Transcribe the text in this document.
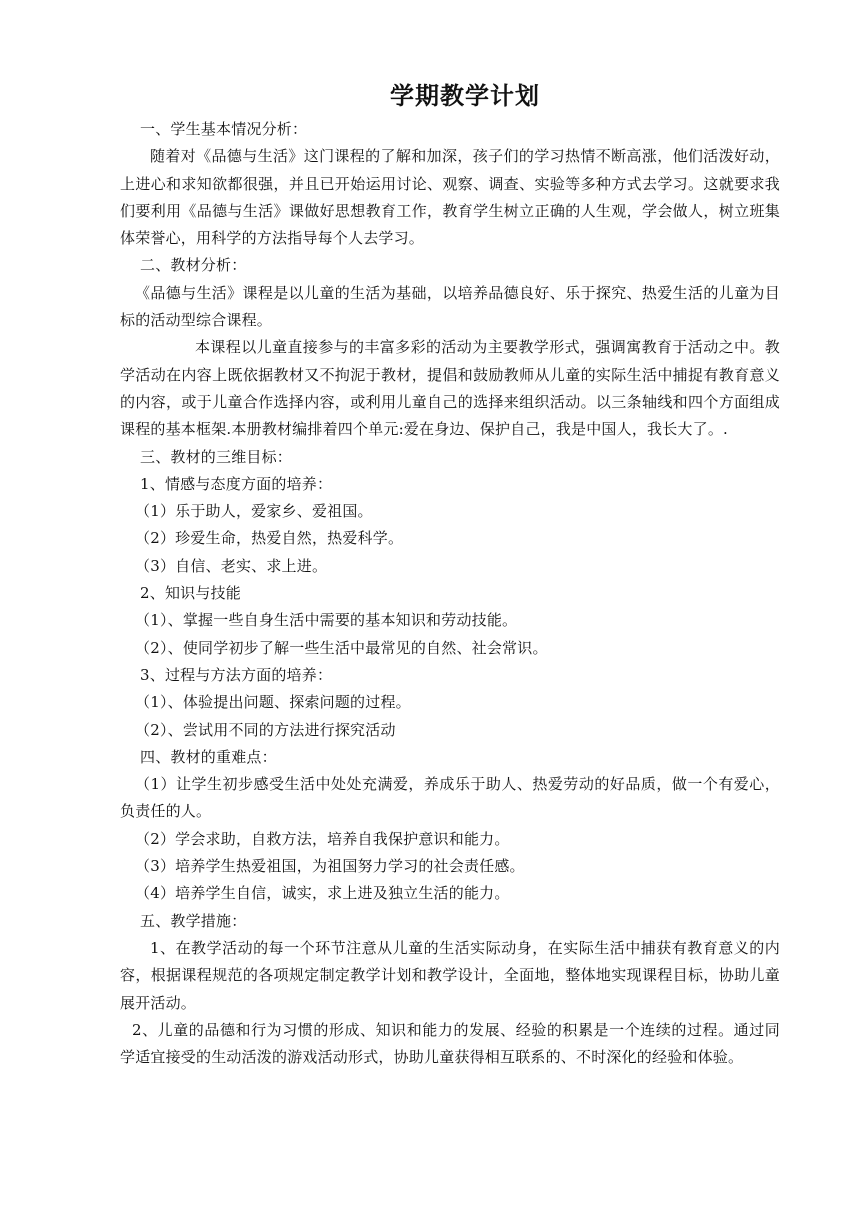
学期教学计划

一、学生基本情况分析：

随着对《品德与生活》这门课程的了解和加深，孩子们的学习热情不断高涨，他们活泼好动，上进心和求知欲都很强，并且已开始运用讨论、观察、调查、实验等多种方式去学习。这就要求我们要利用《品德与生活》课做好思想教育工作，教育学生树立正确的人生观，学会做人，树立班集体荣誉心，用科学的方法指导每个人去学习。

二、教材分析：

《品德与生活》课程是以儿童的生活为基础，以培养品德良好、乐于探究、热爱生活的儿童为目标的活动型综合课程。

本课程以儿童直接参与的丰富多彩的活动为主要教学形式，强调寓教育于活动之中。教学活动在内容上既依据教材又不拘泥于教材，提倡和鼓励教师从儿童的实际生活中捕捉有教育意义的内容，或于儿童合作选择内容，或利用儿童自己的选择来组织活动。以三条轴线和四个方面组成课程的基本框架.本册教材编排着四个单元:爱在身边、保护自己，我是中国人，我长大了。.

三、教材的三维目标：

1、情感与态度方面的培养：

（1）乐于助人，爱家乡、爱祖国。

（2）珍爱生命，热爱自然，热爱科学。

（3）自信、老实、求上进。

2、知识与技能

（1）、掌握一些自身生活中需要的基本知识和劳动技能。

（2）、使同学初步了解一些生活中最常见的自然、社会常识。

3、过程与方法方面的培养：

（1）、体验提出问题、探索问题的过程。

（2）、尝试用不同的方法进行探究活动

四、教材的重难点：

（1）让学生初步感受生活中处处充满爱，养成乐于助人、热爱劳动的好品质，做一个有爱心，负责任的人。

（2）学会求助，自救方法，培养自我保护意识和能力。

（3）培养学生热爱祖国，为祖国努力学习的社会责任感。

（4）培养学生自信，诚实，求上进及独立生活的能力。

五、教学措施：

1、在教学活动的每一个环节注意从儿童的生活实际动身，在实际生活中捕获有教育意义的内容，根据课程规范的各项规定制定教学计划和教学设计，全面地，整体地实现课程目标，协助儿童展开活动。

2、儿童的品德和行为习惯的形成、知识和能力的发展、经验的积累是一个连续的过程。通过同学适宜接受的生动活泼的游戏活动形式，协助儿童获得相互联系的、不时深化的经验和体验。
